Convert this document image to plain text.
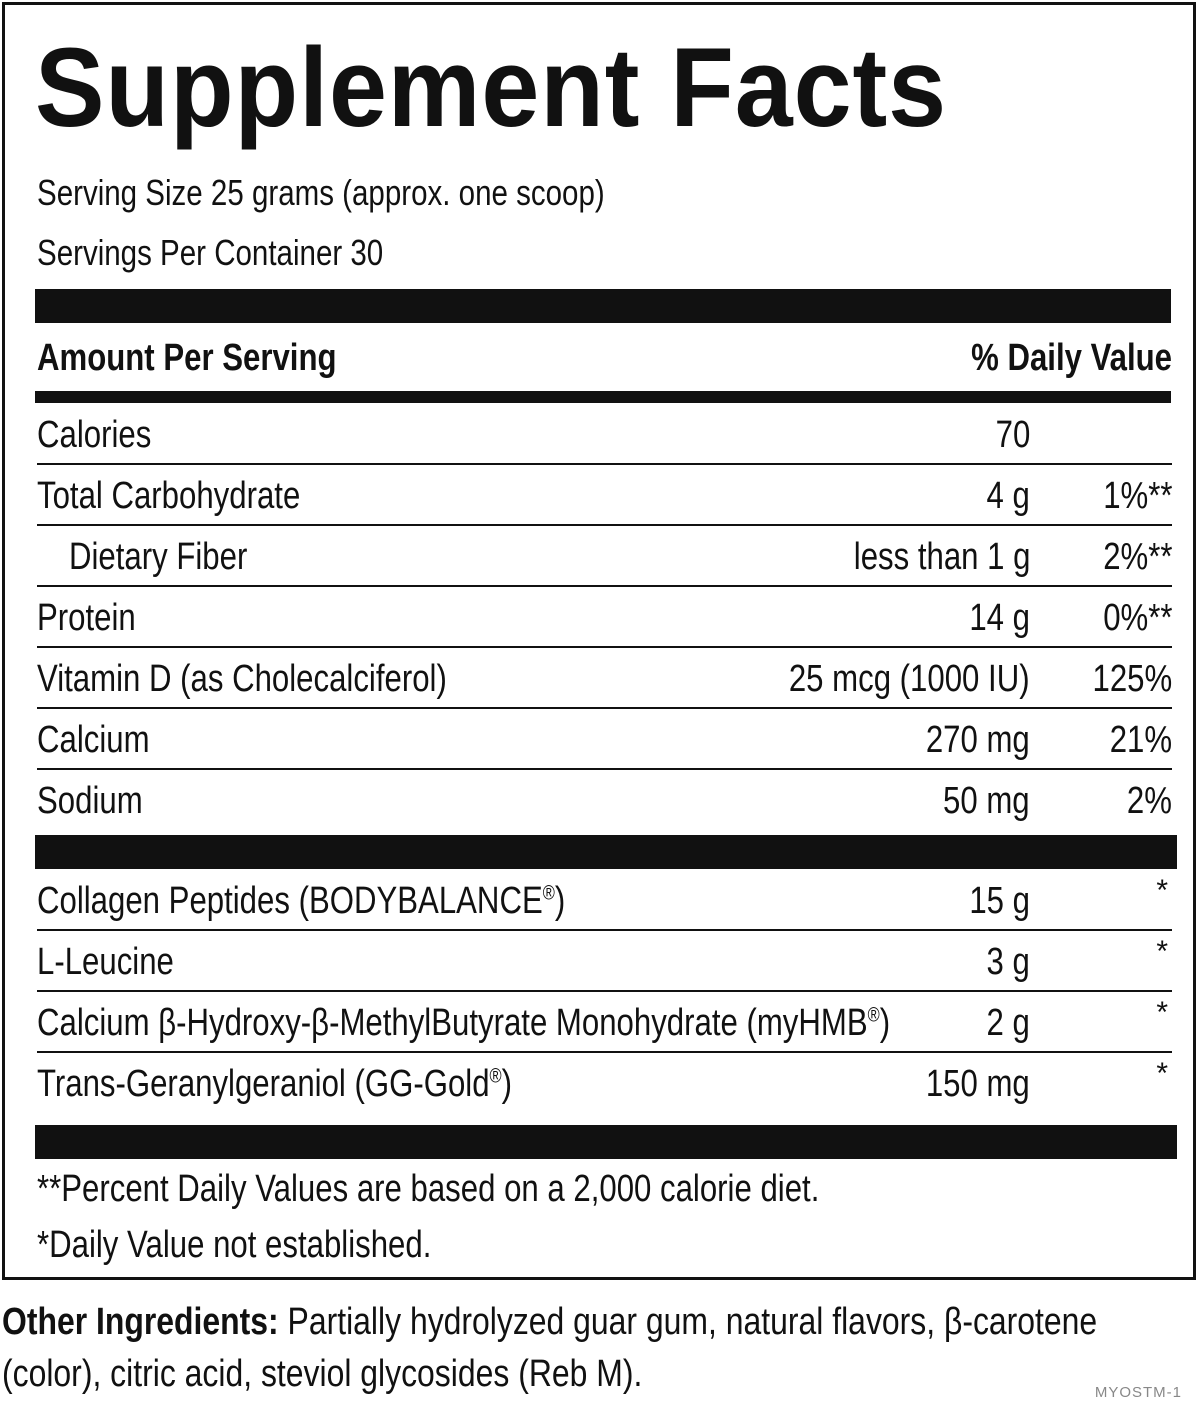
Supplement Facts
Serving Size 25 grams (approx. one scoop)
Servings Per Container 30
Amount Per Serving	% Daily Value
Calories	70
Total Carbohydrate	4 g 1%**
Dietary Fiber	less than 1 g 2%**
Protein	14 g 0%**
Vitamin D (as Cholecalciferol)	25 mcg (1000 IU) 125%
Calcium	270 mg 21%
Sodium	50 mg	2%
Collagen Peptides (BODYBALANCE®)	15 g	*
L-Leucine	3 g	*
Calcium β-Hydroxy-β-MethylButyrate Monohydrate (myHMB®)	2 g	*
Trans-Geranylgeraniol (GG-Gold®)	150 mg	*
**Percent Daily Values are based on a 2,000 calorie diet.
*Daily Value not established.
Other Ingredients: Partially hydrolyzed guar gum, natural flavors, β-carotene
(color), citric acid, steviol glycosides (Reb M).	MYOSTM-1
